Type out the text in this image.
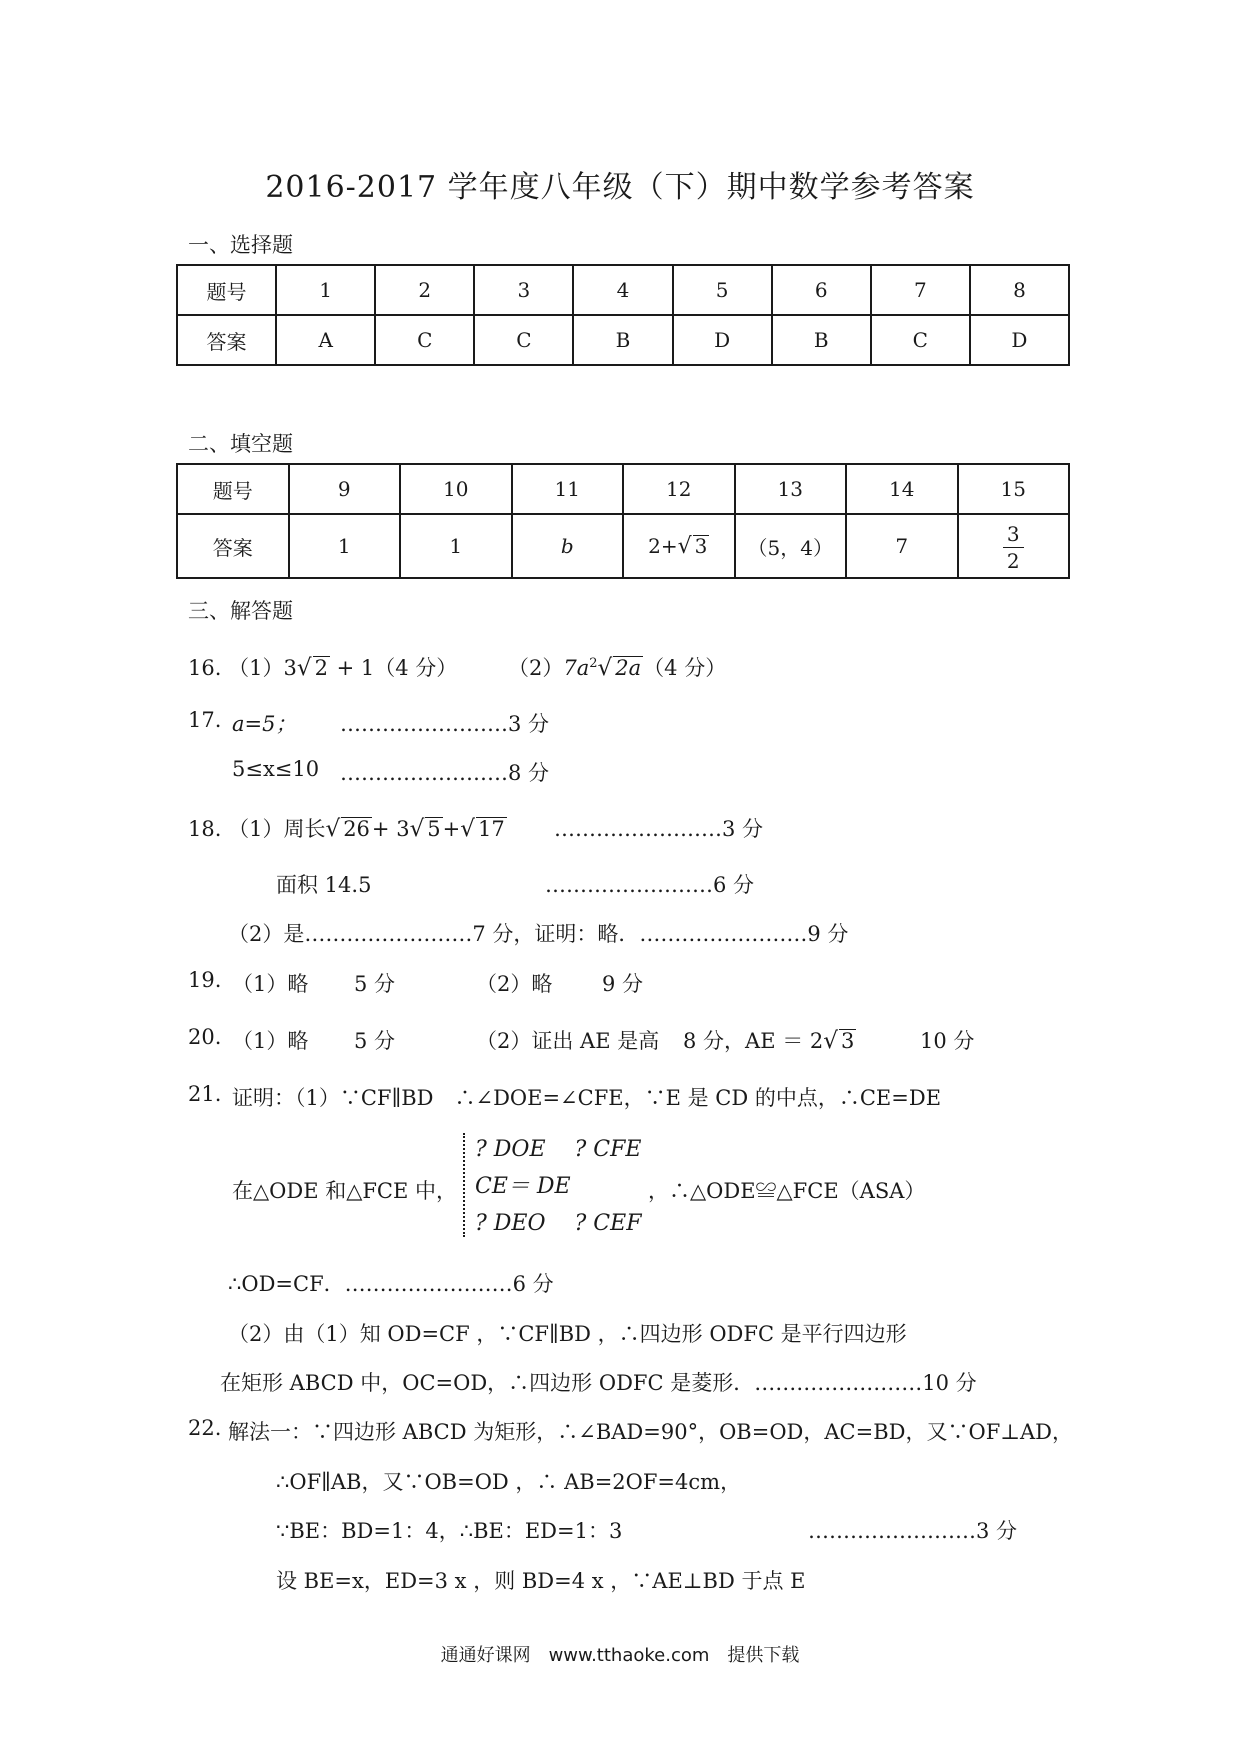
2016-2017 学年度八年级（下）期中数学参考答案
一、选择题
题号	1	2	3	4	5	6	7	8
答案	A	C	C	B	D	B	C	D
二、填空题
题号	9	10	11	12	13	14	15
答案	1	1	b	2+√ 3	（5，4）	7	$\frac{3}{2}$
三、解答题
16. （1）3√ 2 + 1（4 分） $(2)7a^2√$ 2a（4 分）
17. a=5； ……………………3 分
5≤x≤10 ……………………8 分
18. （1）周长√ 26+ 3√ 5+√ 17 ……………………3 分
面积 14.5	……………………6 分
（2）是……………………7 分，证明：略．……………………9 分
19. （1）略 5 分	（2）略 9 分
20. （1）略 5 分	（2）证出 AE 是高 8 分，AE ＝ 2√ 3	10 分
21. 证明：（1）∵CF∥BD　∴∠DOE=∠CFE，∵E 是 CD 的中点，∴CE=DE
在△ODE 和△FCE 中，
? DOE　 ? CFE
CE＝ DE
? DEO　 ? CEF
，∴△ODE≌△FCE（ASA）
∴OD=CF．……………………6 分
（2）由（1）知 OD=CF ，∵CF∥BD ，∴四边形 ODFC 是平行四边形
在矩形 ABCD 中，OC=OD，∴四边形 ODFC 是菱形．……………………10 分
22. 解法一：∵四边形 ABCD 为矩形，∴∠BAD=90°，OB=OD，AC=BD，又∵OF⊥AD，
∴OF∥AB，又∵OB=OD ，∴ AB=2OF=4cm，
∵BE：BD=1：4，∴BE：ED=1：3	……………………3 分
设 BE=x，ED=3 x ，则 BD=4 x ，∵AE⊥BD 于点 E
通通好课网　www.tthaoke.com　提供下载
